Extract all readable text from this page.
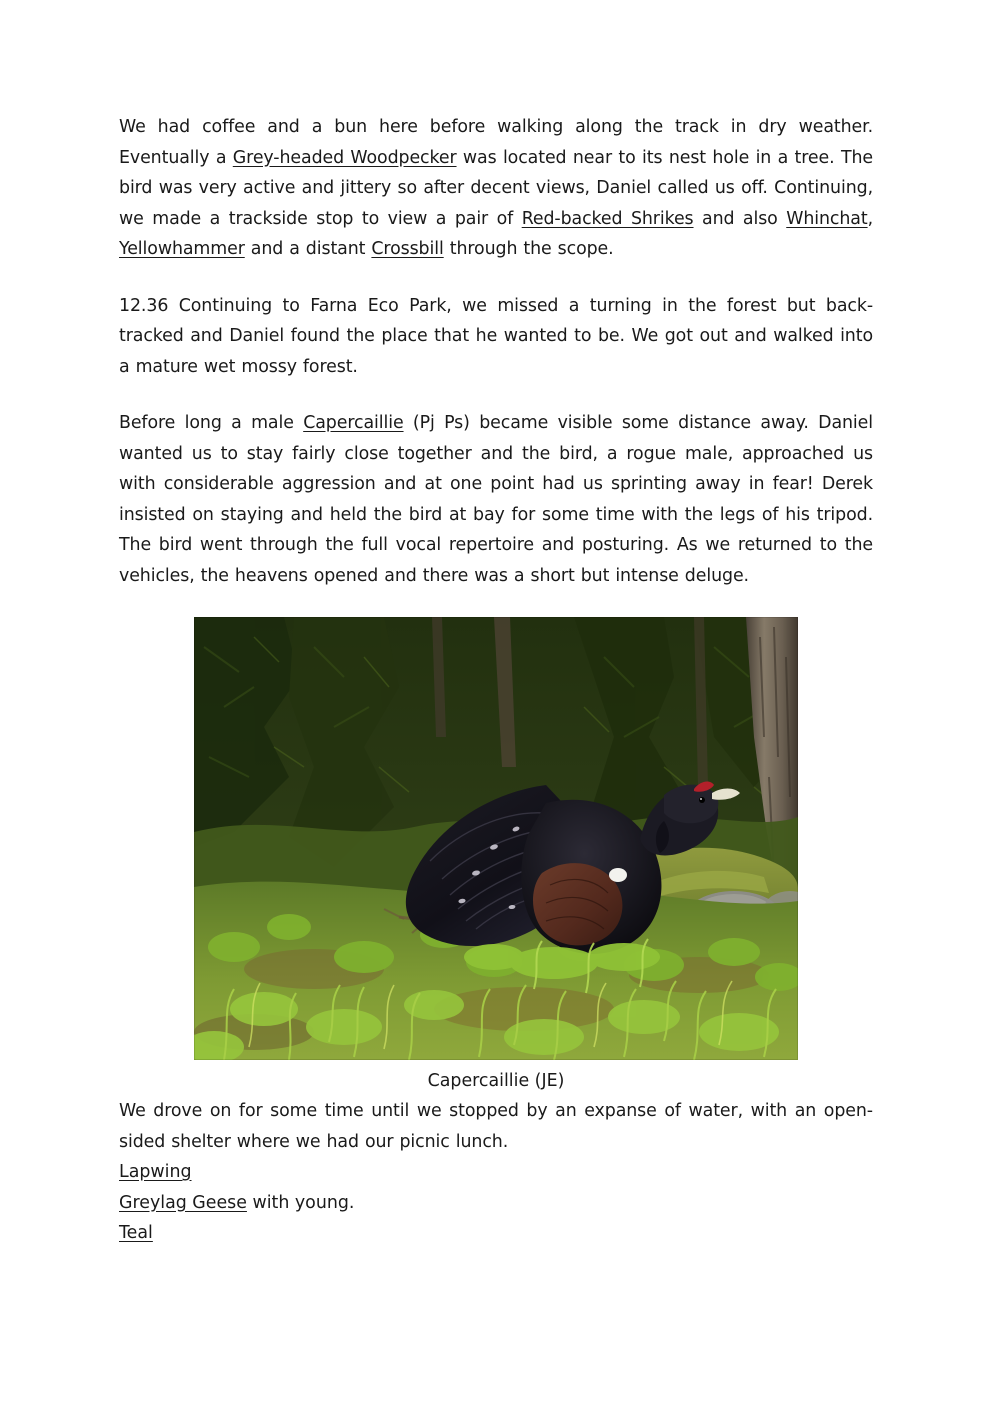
We had coffee and a bun here before walking along the track in dry weather. Eventually a Grey-headed Woodpecker was located near to its nest hole in a tree. The bird was very active and jittery so after decent views, Daniel called us off. Continuing, we made a trackside stop to view a pair of Red-backed Shrikes and also Whinchat, Yellowhammer and a distant Crossbill through the scope.

12.36 Continuing to Farna Eco Park, we missed a turning in the forest but back-tracked and Daniel found the place that he wanted to be. We got out and walked into a mature wet mossy forest.

Before long a male Capercaillie (Pj Ps) became visible some distance away. Daniel wanted us to stay fairly close together and the bird, a rogue male, approached us with considerable aggression and at one point had us sprinting away in fear! Derek insisted on staying and held the bird at bay for some time with the legs of his tripod. The bird went through the full vocal repertoire and posturing. As we returned to the vehicles, the heavens opened and there was a short but intense deluge.

Capercaillie (JE)

We drove on for some time until we stopped by an expanse of water, with an open-sided shelter where we had our picnic lunch.

Lapwing

Greylag Geese with young.

Teal
